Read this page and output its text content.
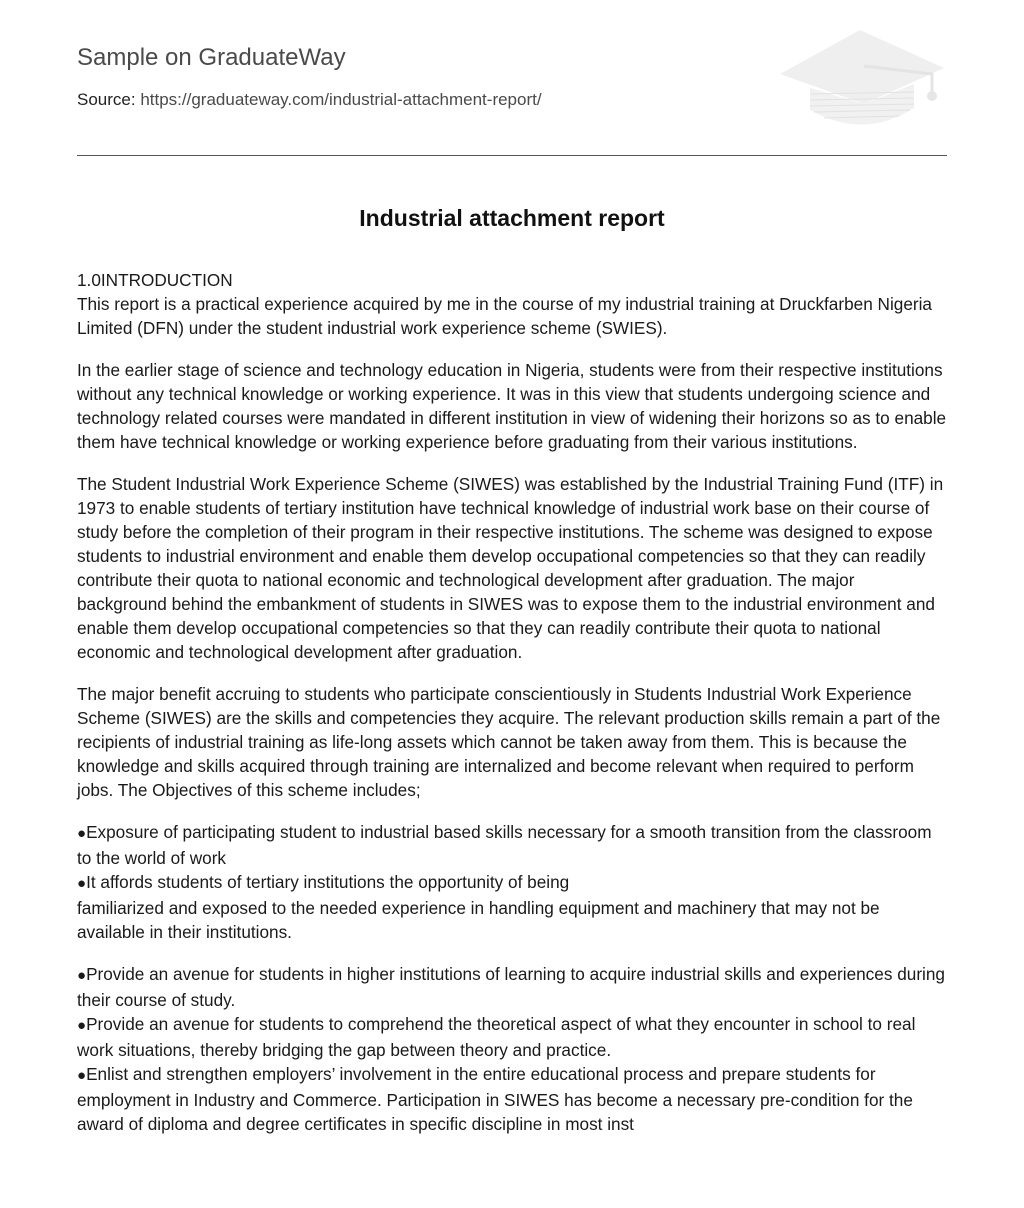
Sample on GraduateWay
Source: https://graduateway.com/industrial-attachment-report/
Industrial attachment report

1.0INTRODUCTION
This report is a practical experience acquired by me in the course of my industrial training at Druckfarben Nigeria Limited (DFN) under the student industrial work experience scheme (SWIES).

In the earlier stage of science and technology education in Nigeria, students were from their respective institutions without any technical knowledge or working experience. It was in this view that students undergoing science and technology related courses were mandated in different institution in view of widening their horizons so as to enable them have technical knowledge or working experience before graduating from their various institutions.

The Student Industrial Work Experience Scheme (SIWES) was established by the Industrial Training Fund (ITF) in 1973 to enable students of tertiary institution have technical knowledge of industrial work base on their course of study before the completion of their program in their respective institutions. The scheme was designed to expose students to industrial environment and enable them develop occupational competencies so that they can readily contribute their quota to national economic and technological development after graduation. The major background behind the embankment of students in SIWES was to expose them to the industrial environment and enable them develop occupational competencies so that they can readily contribute their quota to national economic and technological development after graduation.

The major benefit accruing to students who participate conscientiously in Students Industrial Work Experience Scheme (SIWES) are the skills and competencies they acquire. The relevant production skills remain a part of the recipients of industrial training as life-long assets which cannot be taken away from them. This is because the knowledge and skills acquired through training are internalized and become relevant when required to perform jobs. The Objectives of this scheme includes;

●Exposure of participating student to industrial based skills necessary for a smooth transition from the classroom to the world of work
●It affords students of tertiary institutions the opportunity of being
familiarized and exposed to the needed experience in handling equipment and machinery that may not be available in their institutions.

●Provide an avenue for students in higher institutions of learning to acquire industrial skills and experiences during their course of study.
●Provide an avenue for students to comprehend the theoretical aspect of what they encounter in school to real work situations, thereby bridging the gap between theory and practice.
●Enlist and strengthen employers’ involvement in the entire educational process and prepare students for employment in Industry and Commerce. Participation in SIWES has become a necessary pre-condition for the award of diploma and degree certificates in specific discipline in most inst
